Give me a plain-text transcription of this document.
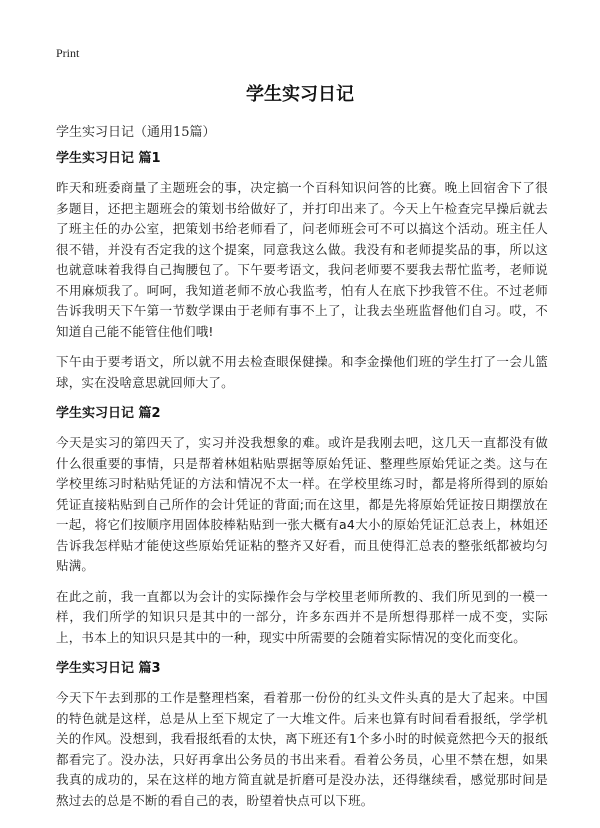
Print
学生实习日记
学生实习日记（通用15篇）
学生实习日记 篇1

昨天和班委商量了主题班会的事，决定搞一个百科知识问答的比赛。晚上回宿舍下了很多题目，还把主题班会的策划书给做好了，并打印出来了。今天上午检查完早操后就去了班主任的办公室，把策划书给老师看了，问老师班会可不可以搞这个活动。班主任人很不错，并没有否定我的这个提案，同意我这么做。我没有和老师提奖品的事，所以这也就意味着我得自己掏腰包了。下午要考语文，我问老师要不要我去帮忙监考，老师说不用麻烦我了。呵呵，我知道老师不放心我监考，怕有人在底下抄我管不住。不过老师告诉我明天下午第一节数学课由于老师有事不上了，让我去坐班监督他们自习。哎，不知道自己能不能管住他们哦!

下午由于要考语文，所以就不用去检查眼保健操。和李金操他们班的学生打了一会儿篮球，实在没啥意思就回师大了。

学生实习日记 篇2

今天是实习的第四天了，实习并没我想象的难。或许是我刚去吧，这几天一直都没有做什么很重要的事情，只是帮着林姐粘贴票据等原始凭证、整理些原始凭证之类。这与在学校里练习时粘贴凭证的方法和情况不太一样。在学校里练习时，都是将所得到的原始凭证直接粘贴到自己所作的会计凭证的背面;而在这里，都是先将原始凭证按日期摆放在一起，将它们按顺序用固体胶棒粘贴到一张大概有a4大小的原始凭证汇总表上，林姐还告诉我怎样贴才能使这些原始凭证粘的整齐又好看，而且使得汇总表的整张纸都被均匀贴满。

在此之前，我一直都以为会计的实际操作会与学校里老师所教的、我们所见到的一模一样，我们所学的知识只是其中的一部分，许多东西并不是所想得那样一成不变，实际上，书本上的知识只是其中的一种，现实中所需要的会随着实际情况的变化而变化。

学生实习日记 篇3

今天下午去到那的工作是整理档案，看着那一份份的红头文件头真的是大了起来。中国的特色就是这样，总是从上至下规定了一大堆文件。后来也算有时间看看报纸，学学机关的作风。没想到，我看报纸看的太快，离下班还有1个多小时的时候竟然把今天的报纸都看完了。没办法，只好再拿出公务员的书出来看。看着公务员，心里不禁在想，如果我真的成功的，呆在这样的地方简直就是折磨可是没办法，还得继续看，感觉那时间是熬过去的总是不断的看自己的表，盼望着快点可以下班。
